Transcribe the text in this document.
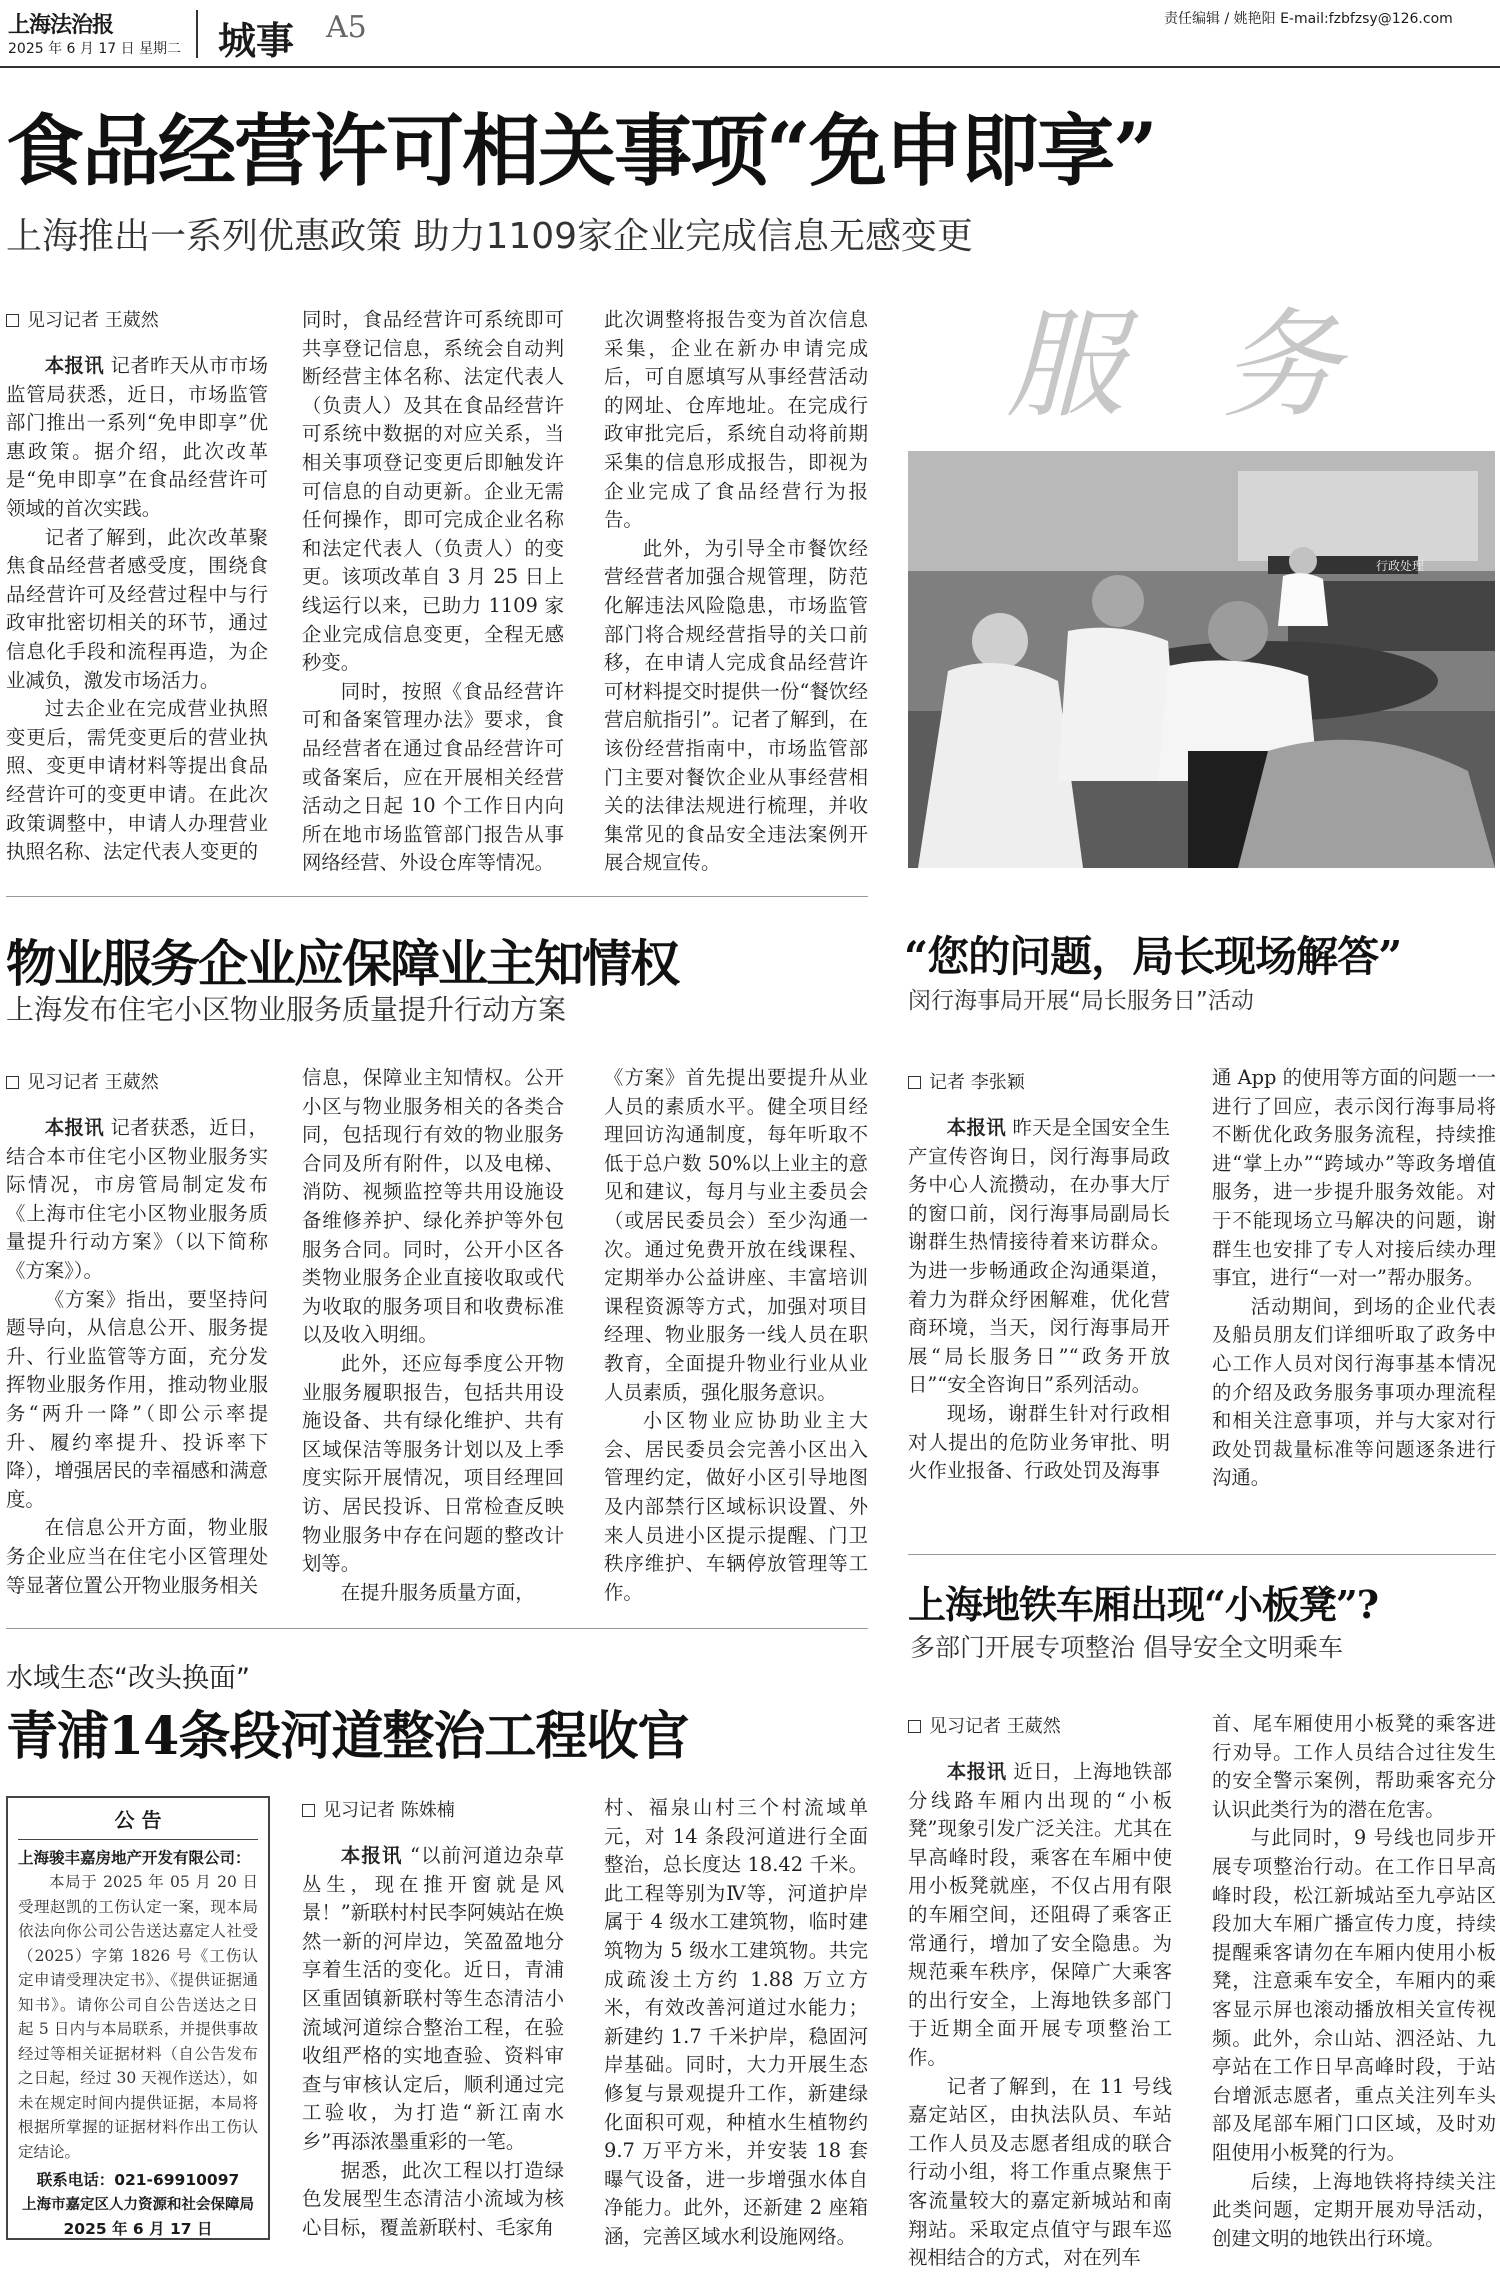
上海法治报
2025 年 6 月 17 日 星期二 城事 A5	责任编辑 / 姚艳阳 E-mail:fzbfzsy@126.com
食品经营许可相关事项“免申即享”
上海推出一系列优惠政策 助力1109家企业完成信息无感变更
见习记者 王葳然

本报讯 记者昨天从市市场监管局获悉，近日，市场监管部门推出一系列“免申即享”优惠政策。据介绍，此次改革是“免申即享”在食品经营许可领域的首次实践。

记者了解到，此次改革聚焦食品经营者感受度，围绕食品经营许可及经营过程中与行政审批密切相关的环节，通过信息化手段和流程再造，为企业减负，激发市场活力。

过去企业在完成营业执照变更后，需凭变更后的营业执照、变更申请材料等提出食品经营许可的变更申请。在此次政策调整中，申请人办理营业执照名称、法定代表人变更的

同时，食品经营许可系统即可共享登记信息，系统会自动判断经营主体名称、法定代表人（负责人）及其在食品经营许可系统中数据的对应关系，当相关事项登记变更后即触发许可信息的自动更新。企业无需任何操作，即可完成企业名称和法定代表人（负责人）的变更。该项改革自 3 月 25 日上线运行以来，已助力 1109 家企业完成信息变更，全程无感秒变。

同时，按照《食品经营许可和备案管理办法》要求，食品经营者在通过食品经营许可或备案后，应在开展相关经营活动之日起 10 个工作日内向所在地市场监管部门报告从事网络经营、外设仓库等情况。

此次调整将报告变为首次信息采集，企业在新办申请完成后，可自愿填写从事经营活动的网址、仓库地址。在完成行政审批完后，系统自动将前期采集的信息形成报告，即视为企业完成了食品经营行为报告。

此外，为引导全市餐饮经营经营者加强合规管理，防范化解违法风险隐患，市场监管部门将合规经营指导的关口前移，在申请人完成食品经营许可材料提交时提供一份“餐饮经营启航指引”。记者了解到，在该份经营指南中，市场监管部门主要对餐饮企业从事经营相关的法律法规进行梳理，并收集常见的食品安全违法案例开展合规宣传。

服 务
行政处理
“您的问题，局长现场解答”
闵行海事局开展“局长服务日”活动
物业服务企业应保障业主知情权
上海发布住宅小区物业服务质量提升行动方案
见习记者 王葳然

本报讯 记者获悉，近日，结合本市住宅小区物业服务实际情况，市房管局制定发布《上海市住宅小区物业服务质量提升行动方案》（以下简称《方案》）。

《方案》指出，要坚持问题导向，从信息公开、服务提升、行业监管等方面，充分发挥物业服务作用，推动物业服务“两升一降”（即公示率提升、履约率提升、投诉率下降），增强居民的幸福感和满意度。

在信息公开方面，物业服务企业应当在住宅小区管理处等显著位置公开物业服务相关

信息，保障业主知情权。公开小区与物业服务相关的各类合同，包括现行有效的物业服务合同及所有附件，以及电梯、消防、视频监控等共用设施设备维修养护、绿化养护等外包服务合同。同时，公开小区各类物业服务企业直接收取或代为收取的服务项目和收费标准以及收入明细。

此外，还应每季度公开物业服务履职报告，包括共用设施设备、共有绿化维护、共有区域保洁等服务计划以及上季度实际开展情况，项目经理回访、居民投诉、日常检查反映物业服务中存在问题的整改计划等。

在提升服务质量方面，

《方案》首先提出要提升从业人员的素质水平。健全项目经理回访沟通制度，每年听取不低于总户数 50%以上业主的意见和建议，每月与业主委员会（或居民委员会）至少沟通一次。通过免费开放在线课程、定期举办公益讲座、丰富培训课程资源等方式，加强对项目经理、物业服务一线人员在职教育，全面提升物业行业从业人员素质，强化服务意识。

小区物业应协助业主大会、居民委员会完善小区出入管理约定，做好小区引导地图及内部禁行区域标识设置、外来人员进小区提示提醒、门卫秩序维护、车辆停放管理等工作。

记者 李张颖

本报讯 昨天是全国安全生产宣传咨询日，闵行海事局政务中心人流攒动，在办事大厅的窗口前，闵行海事局副局长谢群生热情接待着来访群众。为进一步畅通政企沟通渠道，着力为群众纾困解难，优化营商环境，当天，闵行海事局开展“局长服务日”“政务开放日”“安全咨询日”系列活动。

现场，谢群生针对行政相对人提出的危防业务审批、明火作业报备、行政处罚及海事

通 App 的使用等方面的问题一一进行了回应，表示闵行海事局将不断优化政务服务流程，持续推进“掌上办”“跨域办”等政务增值服务，进一步提升服务效能。对于不能现场立马解决的问题，谢群生也安排了专人对接后续办理事宜，进行“一对一”帮办服务。

活动期间，到场的企业代表及船员朋友们详细听取了政务中心工作人员对闵行海事基本情况的介绍及政务服务事项办理流程和相关注意事项，并与大家对行政处罚裁量标准等问题逐条进行沟通。

上海地铁车厢出现“小板凳”?
多部门开展专项整治 倡导安全文明乘车
见习记者 王葳然

本报讯 近日，上海地铁部分线路车厢内出现的“小板凳”现象引发广泛关注。尤其在早高峰时段，乘客在车厢中使用小板凳就座，不仅占用有限的车厢空间，还阻碍了乘客正常通行，增加了安全隐患。为规范乘车秩序，保障广大乘客的出行安全，上海地铁多部门于近期全面开展专项整治工作。

记者了解到，在 11 号线嘉定站区，由执法队员、车站工作人员及志愿者组成的联合行动小组，将工作重点聚焦于客流量较大的嘉定新城站和南翔站。采取定点值守与跟车巡视相结合的方式，对在列车

首、尾车厢使用小板凳的乘客进行劝导。工作人员结合过往发生的安全警示案例，帮助乘客充分认识此类行为的潜在危害。

与此同时，9 号线也同步开展专项整治行动。在工作日早高峰时段，松江新城站至九亭站区段加大车厢广播宣传力度，持续提醒乘客请勿在车厢内使用小板凳，注意乘车安全，车厢内的乘客显示屏也滚动播放相关宣传视频。此外，佘山站、泗泾站、九亭站在工作日早高峰时段，于站台增派志愿者，重点关注列车头部及尾部车厢门口区域，及时劝阻使用小板凳的行为。

后续，上海地铁将持续关注此类问题，定期开展劝导活动，创建文明的地铁出行环境。

水域生态“改头换面”
青浦14条段河道整治工程收官
见习记者 陈姝楠

本报讯 “以前河道边杂草丛生，现在推开窗就是风景！”新联村村民李阿姨站在焕然一新的河岸边，笑盈盈地分享着生活的变化。近日，青浦区重固镇新联村等生态清洁小流域河道综合整治工程，在验收组严格的实地查验、资料审查与审核认定后，顺利通过完工验收，为打造“新江南水乡”再添浓墨重彩的一笔。

据悉，此次工程以打造绿色发展型生态清洁小流域为核心目标，覆盖新联村、毛家角

村、福泉山村三个村流域单元，对 14 条段河道进行全面整治，总长度达 18.42 千米。此工程等别为Ⅳ等，河道护岸属于 4 级水工建筑物，临时建筑物为 5 级水工建筑物。共完成疏浚土方约 1.88 万立方米，有效改善河道过水能力；新建约 1.7 千米护岸，稳固河岸基础。同时，大力开展生态修复与景观提升工作，新建绿化面积可观，种植水生植物约 9.7 万平方米，并安装 18 套曝气设备，进一步增强水体自净能力。此外，还新建 2 座箱涵，完善区域水利设施网络。

公 告
上海骏丰嘉房地产开发有限公司：
本局于 2025 年 05 月 20 日受理赵凯的工伤认定一案，现本局依法向你公司公告送达嘉定人社受（2025）字第 1826 号《工伤认定申请受理决定书》、《提供证据通知书》。请你公司自公告送达之日起 5 日内与本局联系，并提供事故经过等相关证据材料（自公告发布之日起，经过 30 天视作送达），如未在规定时间内提供证据，本局将根据所掌握的证据材料作出工伤认定结论。
联系电话：021-69910097
上海市嘉定区人力资源和社会保障局
2025 年 6 月 17 日
